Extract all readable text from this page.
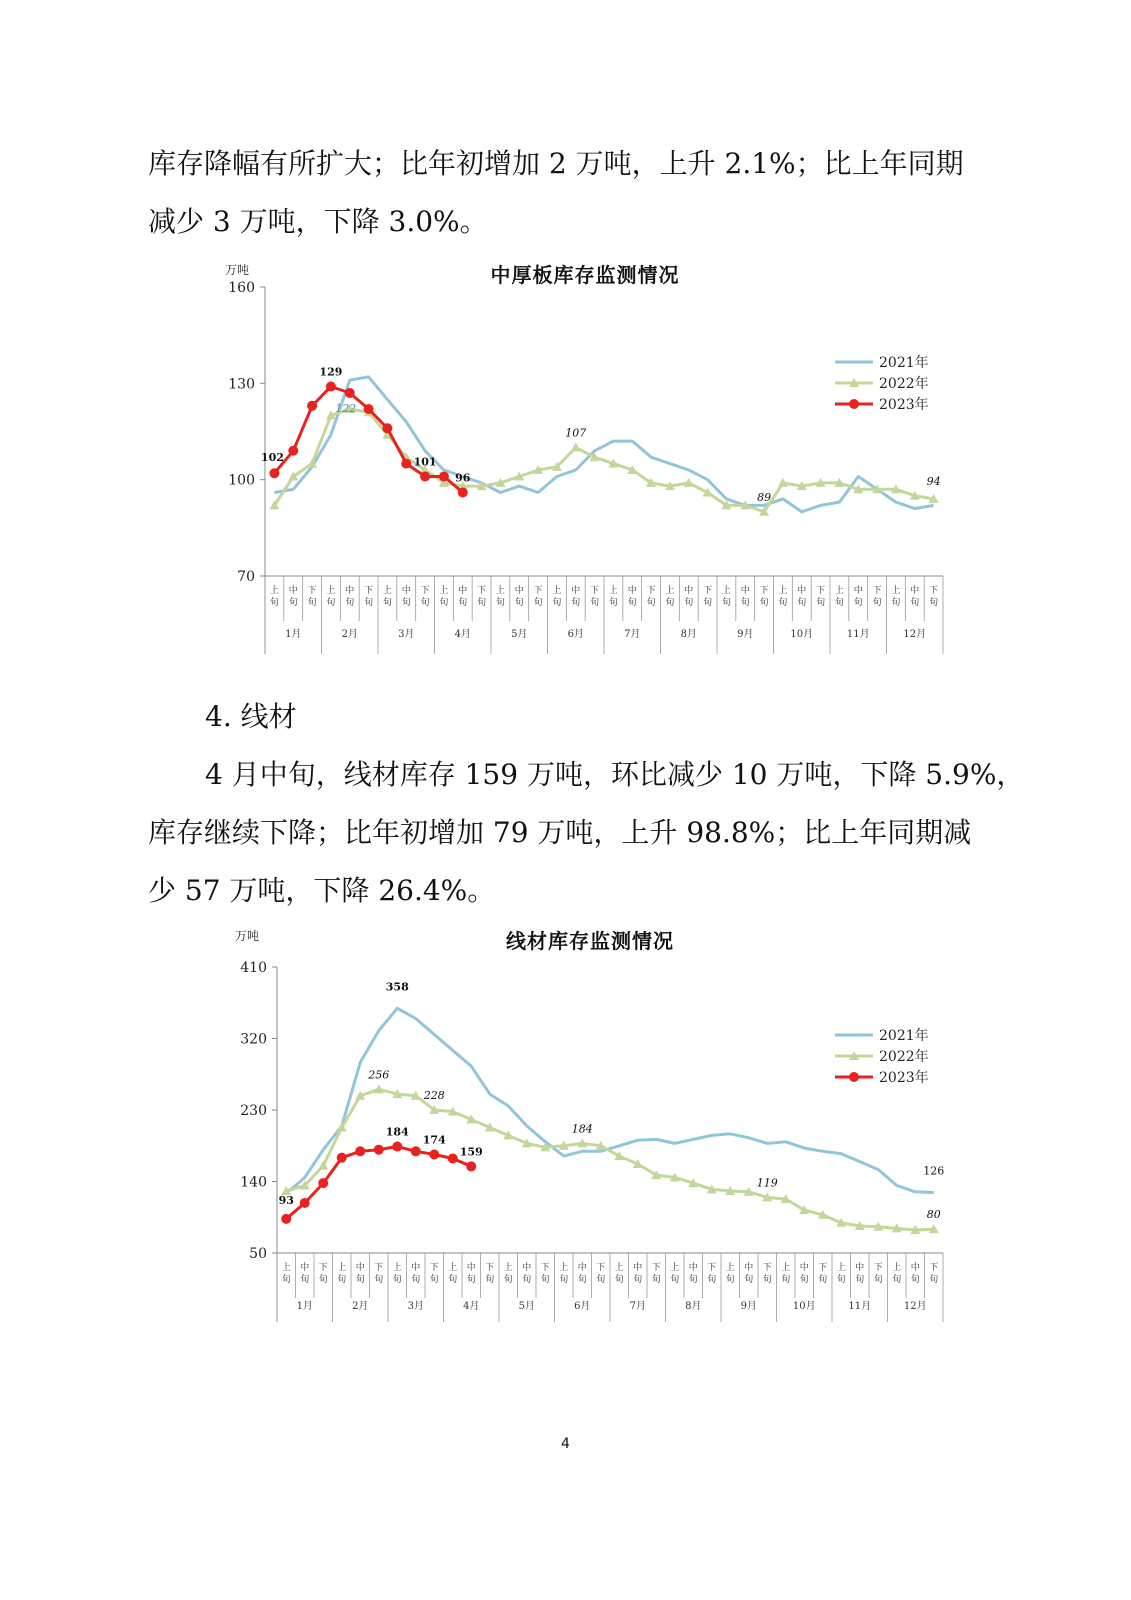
库存降幅有所扩大；比年初增加 2 万吨，上升 2.1%；比上年同期
减少 3 万吨，下降 3.0%。

中厚板库存监测情况
万吨
70
100
130
160
上
旬
中
旬
下
旬
上
旬
中
旬
下
旬
上
旬
中
旬
下
旬
上
旬
中
旬
下
旬
上
旬
中
旬
下
旬
上
旬
中
旬
下
旬
上
旬
中
旬
下
旬
上
旬
中
旬
下
旬
上
旬
中
旬
下
旬
上
旬
中
旬
下
旬
上
旬
中
旬
下
旬
上
旬
中
旬
下
旬
1月	2月	3月	4月	5月	6月	7月	8月	9月	10月	11月	12月
2021年
2022年
2023年
102
129
122
101
96
107
89
94
4. 线材

4 月中旬，线材库存 159 万吨，环比减少 10 万吨，下降 5.9%，
库存继续下降；比年初增加 79 万吨，上升 98.8%；比上年同期减
少 57 万吨，下降 26.4%。

线材库存监测情况
万吨
50
140
230
320
410
上
旬
中
旬
下
旬
上
旬
中
旬
下
旬
上
旬
中
旬
下
旬
上
旬
中
旬
下
旬
上
旬
中
旬
下
旬
上
旬
中
旬
下
旬
上
旬
中
旬
下
旬
上
旬
中
旬
下
旬
上
旬
中
旬
下
旬
上
旬
中
旬
下
旬
上
旬
中
旬
下
旬
上
旬
中
旬
下
旬
1月	2月	3月	4月	5月	6月	7月	8月	9月	10月	11月	12月
2021年
2022年
2023年
93
184
174
159
256
228
358
184
119
126
80
4
